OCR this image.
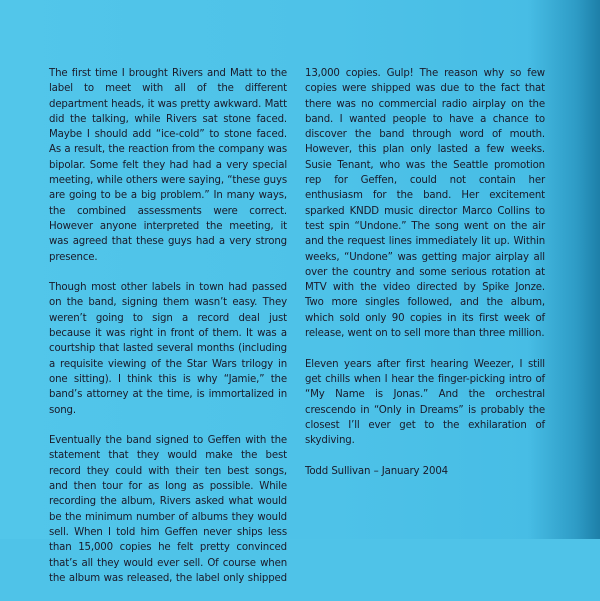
The first time I brought Rivers and Matt to the label to meet with all of the different department heads, it was pretty awkward. Matt did the talking, while Rivers sat stone faced. Maybe I should add “ice-cold” to stone faced. As a result, the reaction from the company was bipolar. Some felt they had had a very special meeting, while others were saying, “these guys are going to be a big problem.” In many ways, the combined assessments were correct. However anyone interpreted the meeting, it was agreed that these guys had a very strong presence.

Though most other labels in town had passed on the band, signing them wasn’t easy. They weren’t going to sign a record deal just because it was right in front of them. It was a courtship that lasted several months (including a requisite viewing of the Star Wars trilogy in one sitting). I think this is why “Jamie,” the band’s attorney at the time, is immortalized in song.

Eventually the band signed to Geffen with the statement that they would make the best record they could with their ten best songs, and then tour for as long as possible. While recording the album, Rivers asked what would be the minimum number of albums they would sell. When I told him Geffen never ships less than 15,000 copies he felt pretty convinced that’s all they would ever sell. Of course when the album was released, the label only shipped

13,000 copies. Gulp! The reason why so few copies were shipped was due to the fact that there was no commercial radio airplay on the band. I wanted people to have a chance to discover the band through word of mouth. However, this plan only lasted a few weeks. Susie Tenant, who was the Seattle promotion rep for Geffen, could not contain her enthusiasm for the band. Her excitement sparked KNDD music director Marco Collins to test spin “Undone.” The song went on the air and the request lines immediately lit up. Within weeks, “Undone” was getting major airplay all over the country and some serious rotation at MTV with the video directed by Spike Jonze. Two more singles followed, and the album, which sold only 90 copies in its first week of release, went on to sell more than three million.

Eleven years after first hearing Weezer, I still get chills when I hear the finger-picking intro of “My Name is Jonas.” And the orchestral crescendo in “Only in Dreams” is probably the closest I’ll ever get to the exhilaration of skydiving.

Todd Sullivan – January 2004
